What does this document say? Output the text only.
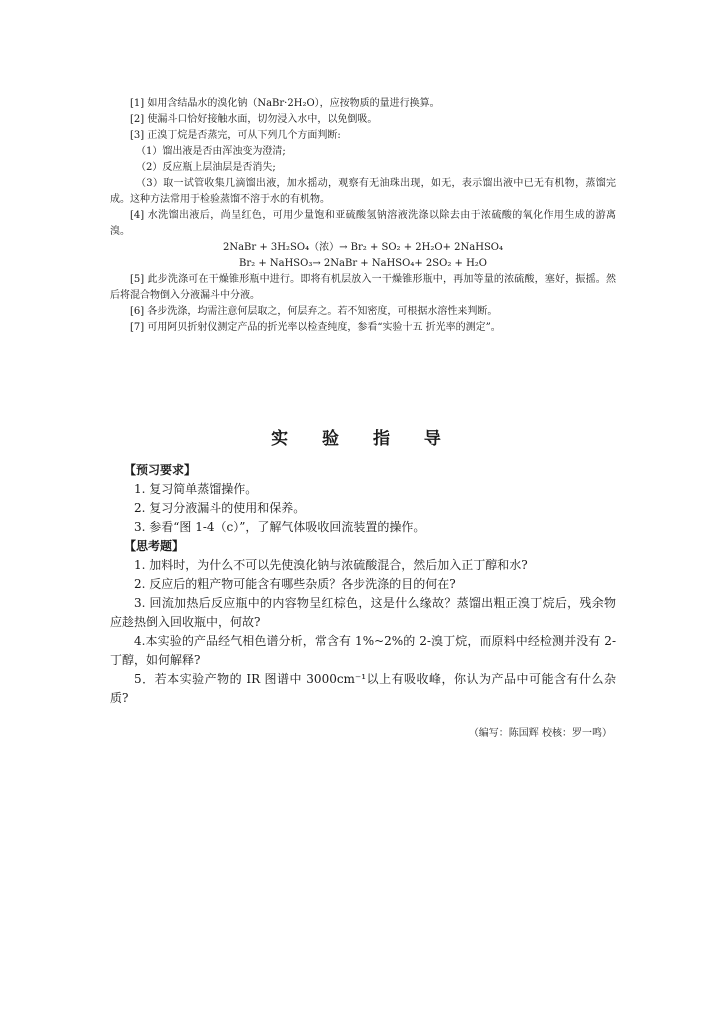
[1] 如用含结晶水的溴化钠（NaBr·2H₂O），应按物质的量进行换算。

[2] 使漏斗口恰好接触水面，切勿浸入水中，以免倒吸。

[3] 正溴丁烷是否蒸完，可从下列几个方面判断:

（1）馏出液是否由浑浊变为澄清;

（2）反应瓶上层油层是否消失;

（3）取一试管收集几滴馏出液，加水摇动，观察有无油珠出现，如无，表示馏出液中已无有机物，蒸馏完成。这种方法常用于检验蒸馏不溶于水的有机物。

[4] 水洗馏出液后，尚呈红色，可用少量饱和亚硫酸氢钠溶液洗涤以除去由于浓硫酸的氧化作用生成的游离溴。

2NaBr + 3H₂SO₄（浓）→ Br₂ + SO₂ + 2H₂O+ 2NaHSO₄

Br₂ + NaHSO₃→ 2NaBr + NaHSO₄+ 2SO₂ + H₂O

[5] 此步洗涤可在干燥锥形瓶中进行。即将有机层放入一干燥锥形瓶中，再加等量的浓硫酸，塞好，振摇。然后将混合物倒入分液漏斗中分液。

[6] 各步洗涤，均需注意何层取之，何层弃之。若不知密度，可根据水溶性来判断。

[7] 可用阿贝折射仪测定产品的折光率以检查纯度，参看“实验十五 折光率的测定”。

实 验 指 导

【预习要求】

1. 复习简单蒸馏操作。

2. 复习分液漏斗的使用和保养。

3. 参看“图 1-4（c）”，了解气体吸收回流装置的操作。

【思考题】

1. 加料时，为什么不可以先使溴化钠与浓硫酸混合，然后加入正丁醇和水?

2. 反应后的粗产物可能含有哪些杂质？各步洗涤的目的何在?

3. 回流加热后反应瓶中的内容物呈红棕色，这是什么缘故？蒸馏出粗正溴丁烷后，残余物应趁热倒入回收瓶中，何故?

4.本实验的产品经气相色谱分析，常含有 1%~2%的 2-溴丁烷，而原料中经检测并没有 2-丁醇，如何解释?

5．若本实验产物的 IR 图谱中 3000cm⁻¹以上有吸收峰，你认为产品中可能含有什么杂质?

（编写：陈国辉 校核：罗一鸣）
